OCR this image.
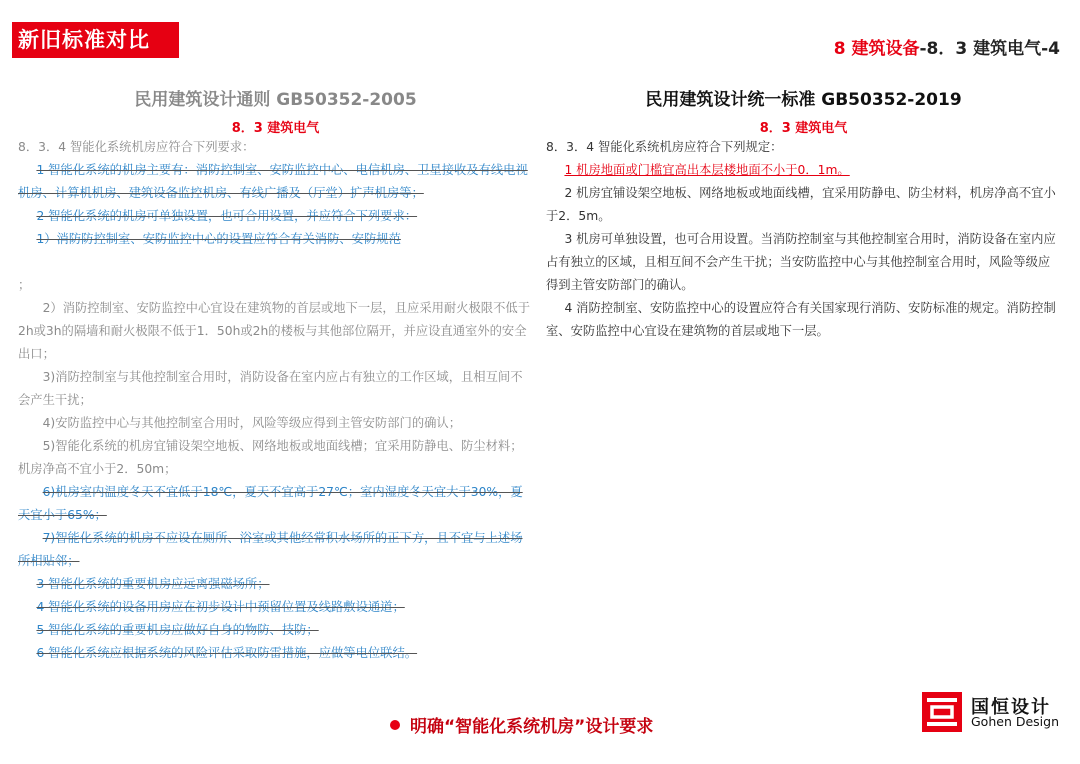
新旧标准对比	8 建筑设备-8．3 建筑电气-4
民用建筑设计通则 GB50352-2005	民用建筑设计统一标准 GB50352-2019
8．3 建筑电气	8．3 建筑电气

8．3．4 智能化系统机房应符合下列要求：

1 智能化系统的机房主要有：消防控制室、安防监控中心、电信机房、卫星接收及有线电视机房、计算机机房、建筑设备监控机房、有线广播及（厅堂）扩声机房等；

2 智能化系统的机房可单独设置，也可合用设置，并应符合下列要求：

1）消防防控制室、安防监控中心的设置应符合有关消防、安防规范

；

2）消防控制室、安防监控中心宜设在建筑物的首层或地下一层，且应采用耐火极限不低于2h或3h的隔墙和耐火极限不低于1．50h或2h的楼板与其他部位隔开，并应设直通室外的安全出口；

3)消防控制室与其他控制室合用时，消防设备在室内应占有独立的工作区域，且相互间不会产生干扰；

4)安防监控中心与其他控制室合用时，风险等级应得到主管安防部门的确认；

5)智能化系统的机房宜铺设架空地板、网络地板或地面线槽；宜采用防静电、防尘材料；机房净高不宜小于2．50m；

6)机房室内温度冬天不宜低于18℃，夏天不宜高于27℃；室内湿度冬天宜大于30%，夏天宜小于65%；

7)智能化系统的机房不应设在厕所、浴室或其他经常积水场所的正下方，且不宜与上述场所相贴邻；

3 智能化系统的重要机房应远离强磁场所；

4 智能化系统的设备用房应在初步设计中预留位置及线路敷设通道；

5 智能化系统的重要机房应做好自身的物防、技防；

6 智能化系统应根据系统的风险评估采取防雷措施，应做等电位联结。

8．3．4 智能化系统机房应符合下列规定：

1 机房地面或门槛宜高出本层楼地面不小于0．1m。

2 机房宜铺设架空地板、网络地板或地面线槽，宜采用防静电、防尘材料，机房净高不宜小于2．5m。

3 机房可单独设置，也可合用设置。当消防控制室与其他控制室合用时，消防设备在室内应占有独立的区域，且相互间不会产生干扰；当安防监控中心与其他控制室合用时，风险等级应得到主管安防部门的确认。

4 消防控制室、安防监控中心的设置应符合有关国家现行消防、安防标准的规定。消防控制室、安防监控中心宜设在建筑物的首层或地下一层。

明确“智能化系统机房”设计要求
国恒设计
Gohen Design
